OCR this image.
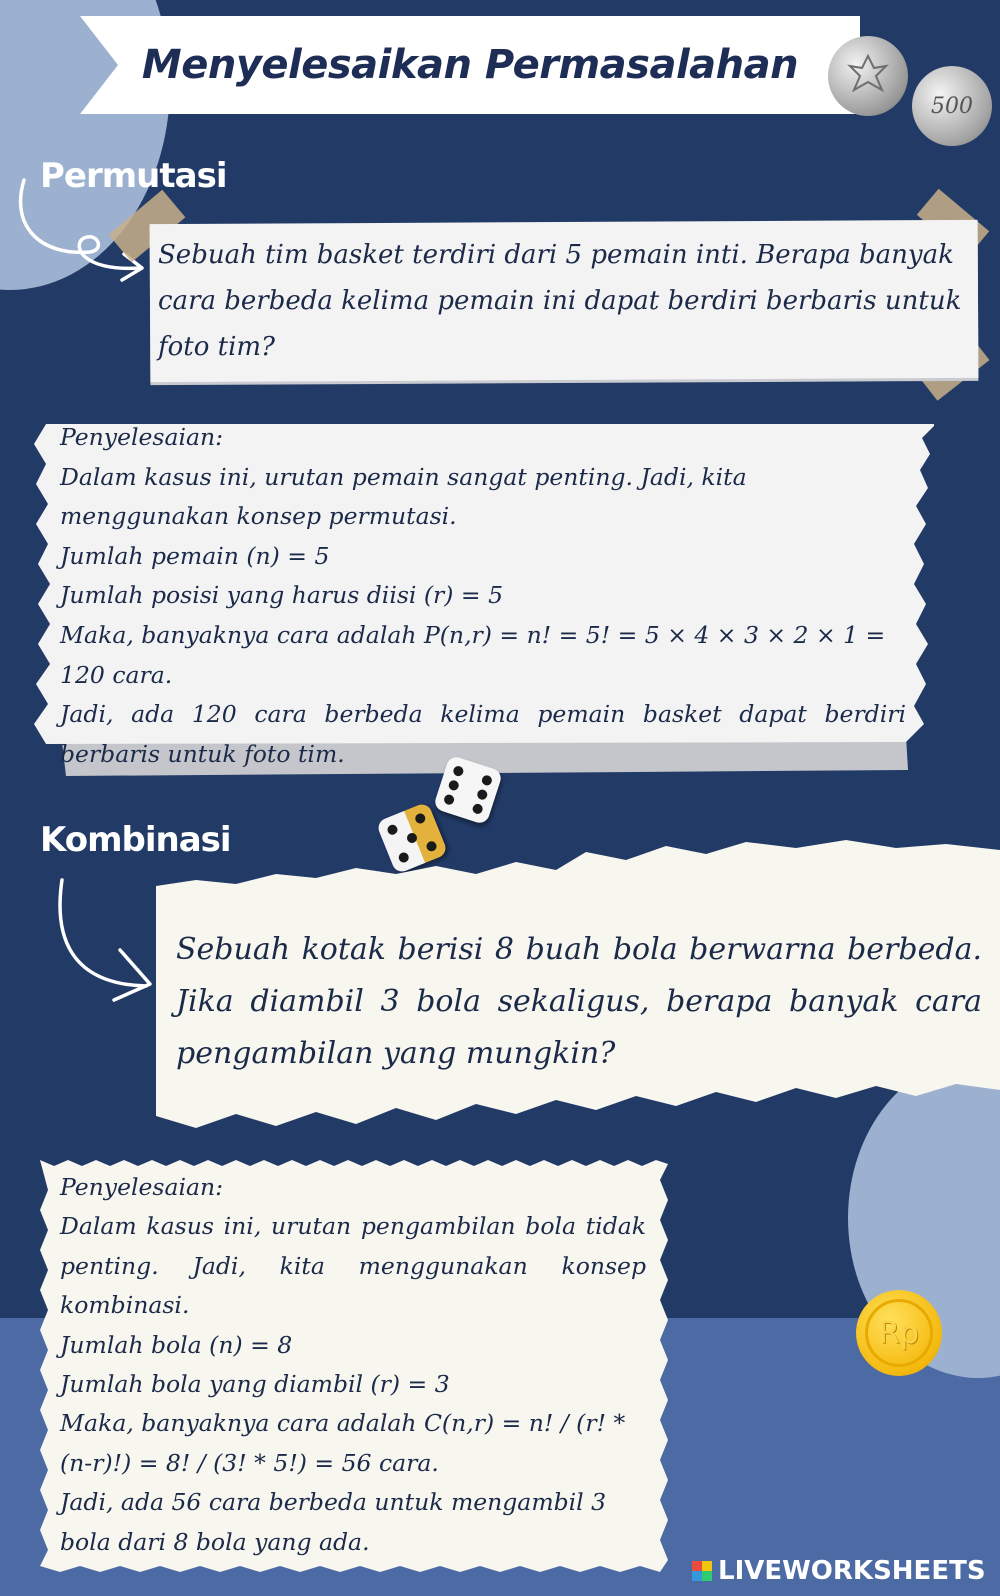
Menyelesaikan Permasalahan
500
Permutasi
Sebuah tim basket terdiri dari 5 pemain inti. Berapa banyak cara berbeda kelima pemain ini dapat berdiri berbaris untuk foto tim?

Penyelesaian:

Dalam kasus ini, urutan pemain sangat penting. Jadi, kita menggunakan konsep permutasi.

Jumlah pemain (n) = 5

Jumlah posisi yang harus diisi (r) = 5

Maka, banyaknya cara adalah P(n,r) = n! = 5! = 5 × 4 × 3 × 2 × 1 = 120 cara.

Jadi, ada 120 cara berbeda kelima pemain basket dapat berdiri berbaris untuk foto tim.

Kombinasi
Sebuah kotak berisi 8 buah bola berwarna berbeda. Jika diambil 3 bola sekaligus, berapa banyak cara pengambilan yang mungkin?

Penyelesaian:

Dalam kasus ini, urutan pengambilan bola tidak penting. Jadi, kita menggunakan konsep kombinasi.

Jumlah bola (n) = 8

Jumlah bola yang diambil (r) = 3

Maka, banyaknya cara adalah C(n,r) = n! / (r! * (n-r)!) = 8! / (3! * 5!) = 56 cara.

Jadi, ada 56 cara berbeda untuk mengambil 3 bola dari 8 bola yang ada.

Rp
LIVEWORKSHEETS
